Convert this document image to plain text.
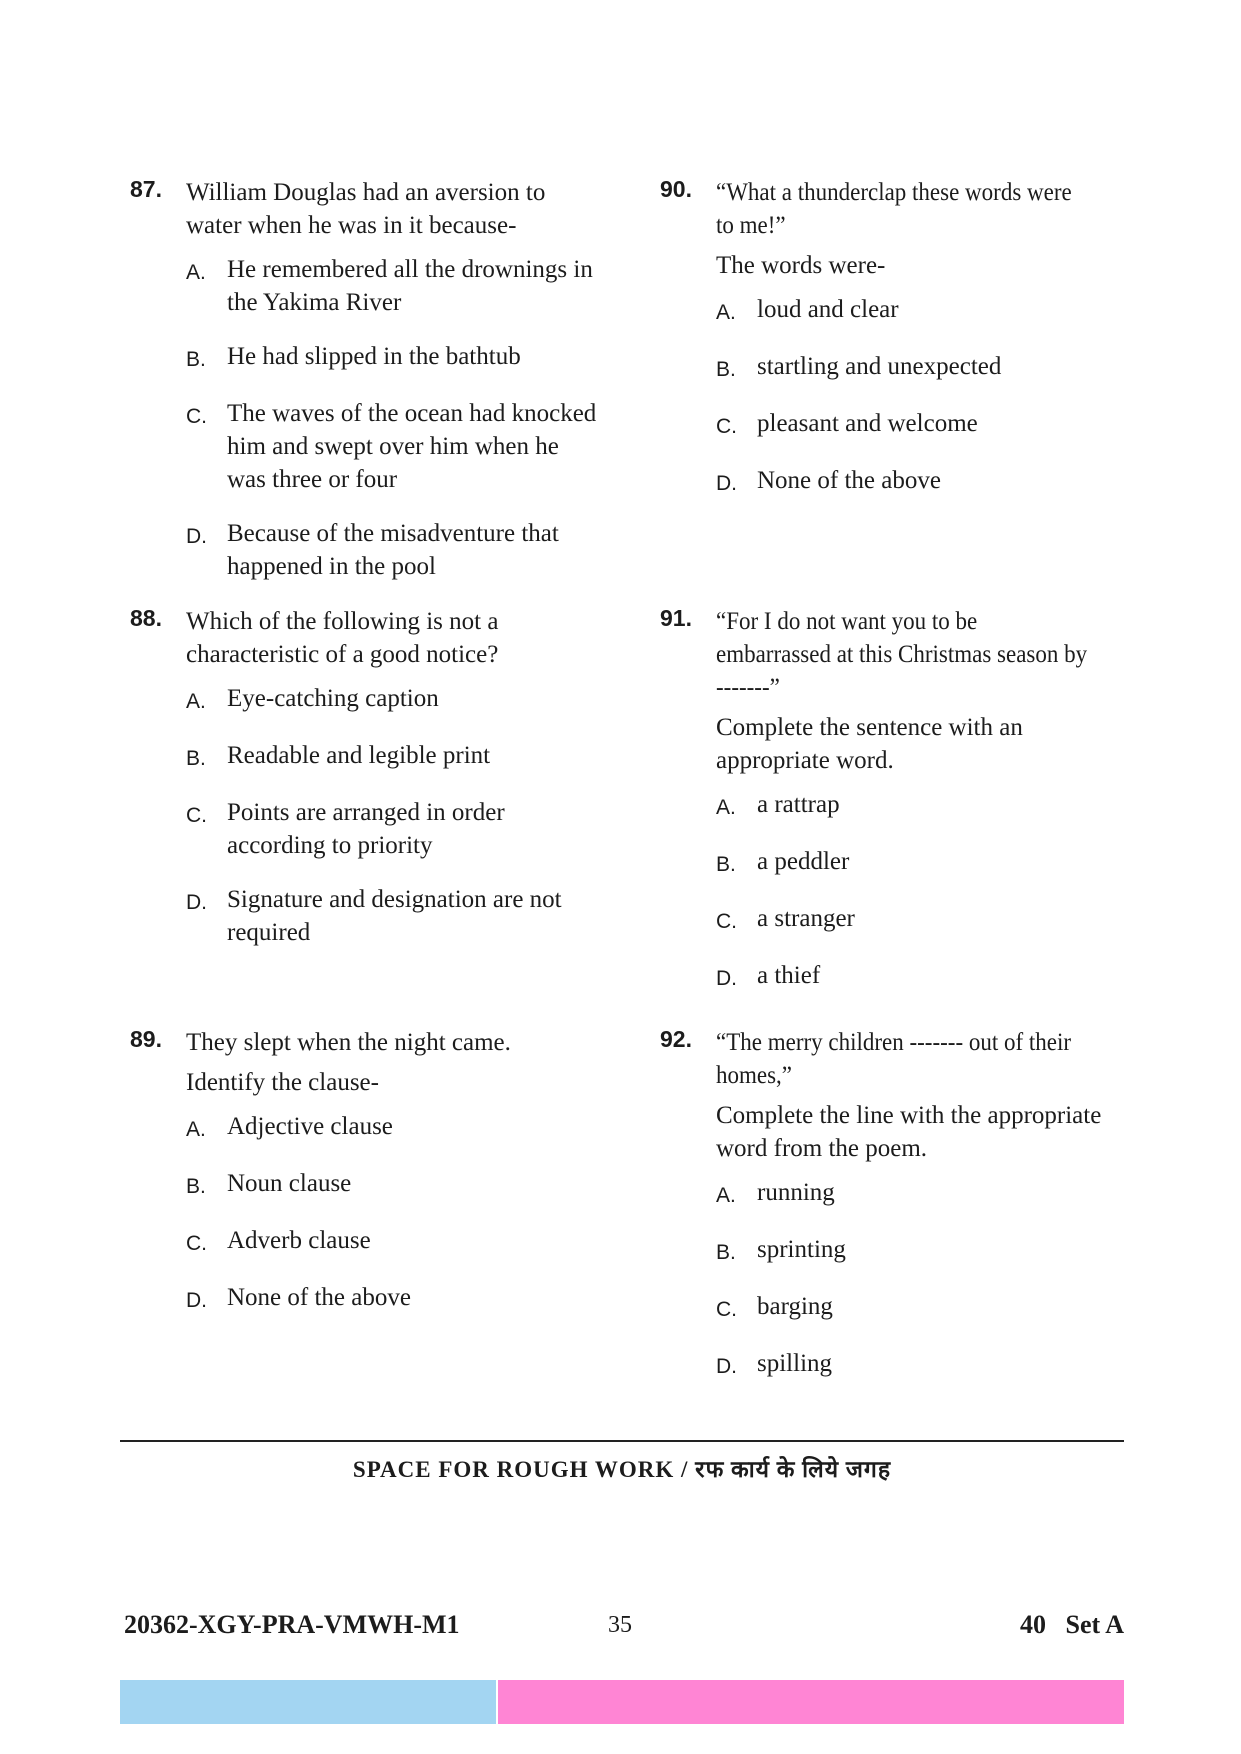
87. William Douglas had an aversion to
water when he was in it because-

A. He remembered all the drownings in the Yakima River
B. He had slipped in the bathtub
C. The waves of the ocean had knocked him and swept over him when he was three or four
D. Because of the misadventure that happened in the pool
88. Which of the following is not a
characteristic of a good notice?

A. Eye-catching caption
B. Readable and legible print
C. Points are arranged in order according to priority
D. Signature and designation are not required
89. They slept when the night came.

Identify the clause-

A. Adjective clause
B. Noun clause
C. Adverb clause
D. None of the above
90. “What a thunderclap these words were
to me!”

The words were-

A. loud and clear
B. startling and unexpected
C. pleasant and welcome
D. None of the above
91. “For I do not want you to be
embarrassed at this Christmas season by
-------”

Complete the sentence with an appropriate word.

A. a rattrap
B. a peddler
C. a stranger
D. a thief
92. “The merry children ------- out of their
homes,”

Complete the line with the appropriate word from the poem.

A. running
B. sprinting
C. barging
D. spilling
SPACE FOR ROUGH WORK / रफ कार्य के लिये जगह
20362-XGY-PRA-VMWH-M1	35	40   Set A
